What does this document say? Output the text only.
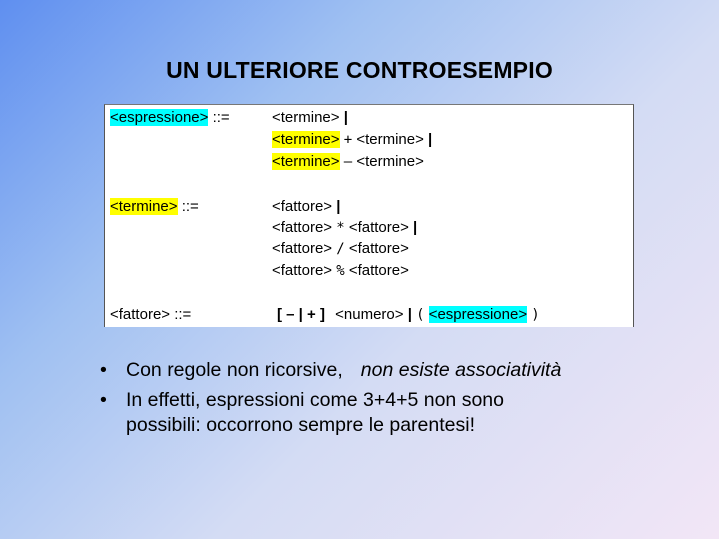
UN ULTERIORE CONTROESEMPIO
<espressione> ::=	<termine> |
<termine> + <termine> |
<termine> – <termine>
<termine> ::=	<fattore> |
<fattore> * <fattore> |
<fattore> / <fattore>
<fattore> % <fattore>
<fattore> ::=	[ – | + ] <numero> | ( <espressione> )
• Con regole non ricorsive, non esiste associatività
• In effetti, espressioni come 3+4+5 non sono
possibili: occorrono sempre le parentesi!
